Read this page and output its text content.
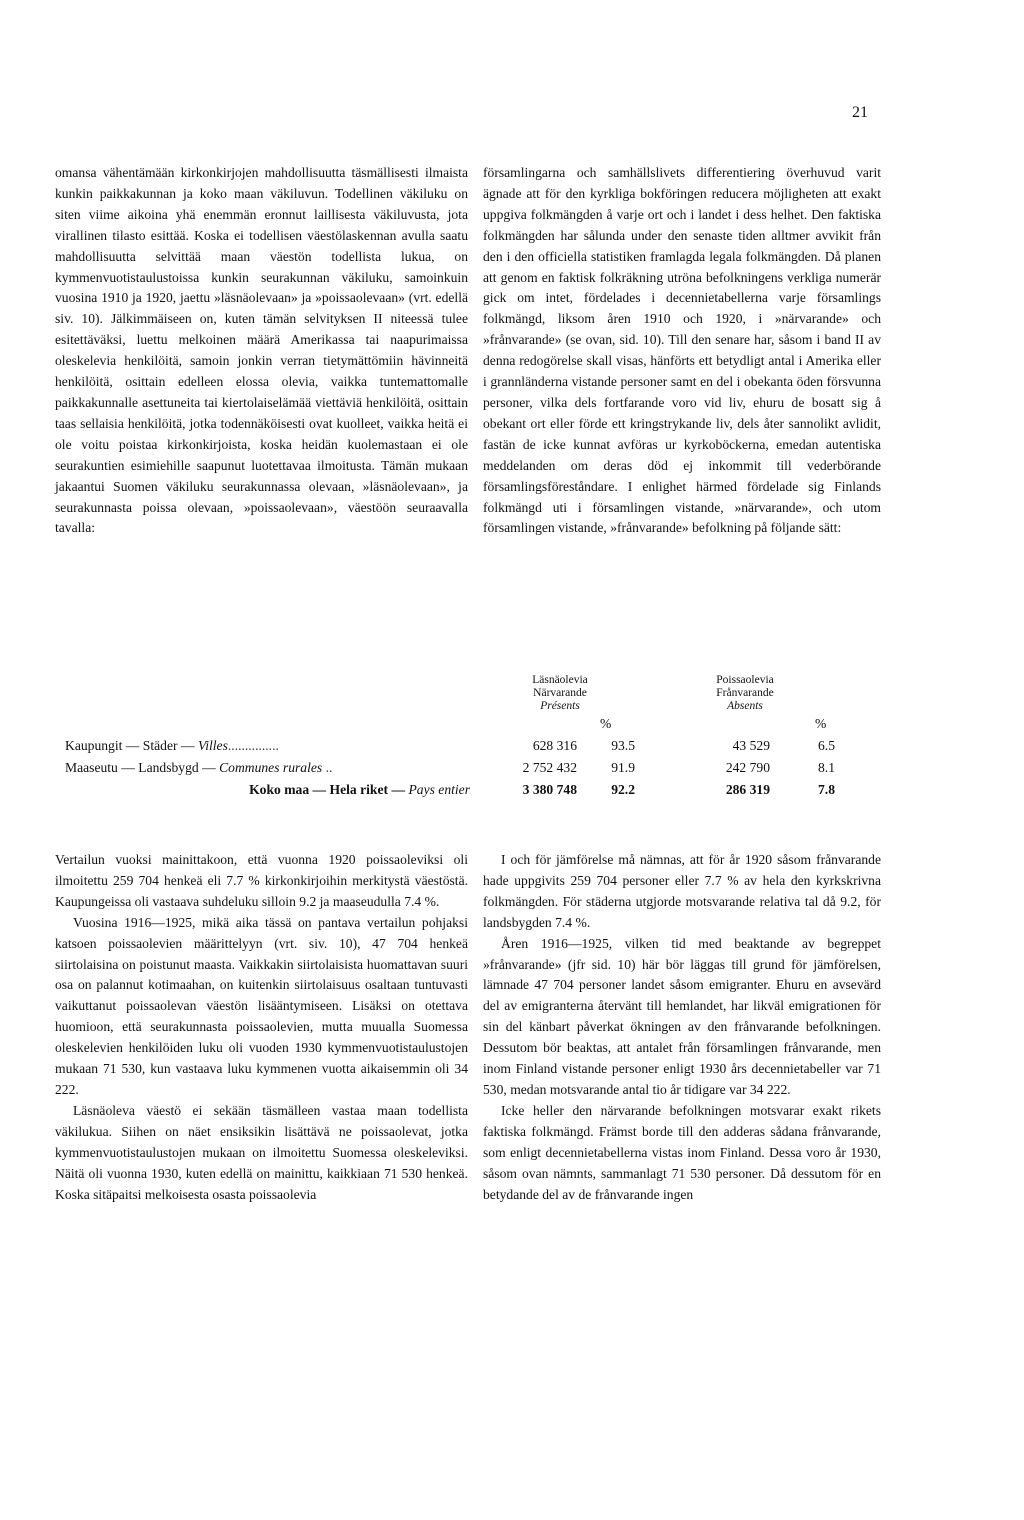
21

omansa vähentämään kirkonkirjojen mahdollisuutta täsmällisesti ilmaista kunkin paikkakunnan ja koko maan väkiluvun. Todellinen väkiluku on siten viime aikoina yhä enemmän eronnut laillisesta väkiluvusta, jota virallinen tilasto esittää. Koska ei todellisen väestölaskennan avulla saatu mahdollisuutta selvittää maan väestön todellista lukua, on kymmenvuotistaulustoissa kunkin seurakunnan väkiluku, samoinkuin vuosina 1910 ja 1920, jaettu »läsnäolevaan» ja »poissaolevaan» (vrt. edellä siv. 10). Jälkimmäiseen on, kuten tämän selvityksen II niteessä tulee esitettäväksi, luettu melkoinen määrä Amerikassa tai naapurimaissa oleskelevia henkilöitä, samoin jonkin verran tietymättömiin hävinneitä henkilöitä, osittain edelleen elossa olevia, vaikka tuntemattomalle paikkakunnalle asettuneita tai kiertolaiselämää viettäviä henkilöitä, osittain taas sellaisia henkilöitä, jotka todennäköisesti ovat kuolleet, vaikka heitä ei ole voitu poistaa kirkonkirjoista, koska heidän kuolemastaan ei ole seurakuntien esimiehille saapunut luotettavaa ilmoitusta. Tämän mukaan jakaantui Suomen väkiluku seurakunnassa olevaan, »läsnäolevaan», ja seurakunnasta poissa olevaan, »poissaolevaan», väestöön seuraavalla tavalla:

församlingarna och samhällslivets differentiering överhuvud varit ägnade att för den kyrkliga bokföringen reducera möjligheten att exakt uppgiva folkmängden å varje ort och i landet i dess helhet. Den faktiska folkmängden har sålunda under den senaste tiden alltmer avvikit från den i den officiella statistiken framlagda legala folkmängden. Då planen att genom en faktisk folkräkning utröna befolkningens verkliga numerär gick om intet, fördelades i decennietabellerna varje församlings folkmängd, liksom åren 1910 och 1920, i »närvarande» och »frånvarande» (se ovan, sid. 10). Till den senare har, såsom i band II av denna redogörelse skall visas, hänförts ett betydligt antal i Amerika eller i grannländerna vistande personer samt en del i obekanta öden försvunna personer, vilka dels fortfarande voro vid liv, ehuru de bosatt sig å obekant ort eller förde ett kringstrykande liv, dels åter sannolikt avlidit, fastän de icke kunnat avföras ur kyrkoböckerna, emedan autentiska meddelanden om deras död ej inkommit till vederbörande församlingsföreståndare. I enlighet härmed fördelade sig Finlands folkmängd uti i församlingen vistande, »närvarande», och utom församlingen vistande, »frånvarande» befolkning på följande sätt:

Läsnäolevia
Närvarande
Présents
Poissaolevia
Frånvarande
Absents
%	%
Kaupungit — Städer — Villes...............	628 316	93.5	43 529	6.5
Maaseutu — Landsbygd — Communes rurales ..	2 752 432	91.9	242 790	8.1
Koko maa — Hela riket — Pays entier	3 380 748	92.2	286 319	7.8

Vertailun vuoksi mainittakoon, että vuonna 1920 poissaoleviksi oli ilmoitettu 259 704 henkeä eli 7.7 % kirkonkirjoihin merkitystä väestöstä. Kaupungeissa oli vastaava suhdeluku silloin 9.2 ja maaseudulla 7.4 %.

Vuosina 1916—1925, mikä aika tässä on pantava vertailun pohjaksi katsoen poissaolevien määrittelyyn (vrt. siv. 10), 47 704 henkeä siirtolaisina on poistunut maasta. Vaikkakin siirtolaisista huomattavan suuri osa on palannut kotimaahan, on kuitenkin siirtolaisuus osaltaan tuntuvasti vaikuttanut poissaolevan väestön lisääntymiseen. Lisäksi on otettava huomioon, että seurakunnasta poissaolevien, mutta muualla Suomessa oleskelevien henkilöiden luku oli vuoden 1930 kymmenvuotistaulustojen mukaan 71 530, kun vastaava luku kymmenen vuotta aikaisemmin oli 34 222.

Läsnäoleva väestö ei sekään täsmälleen vastaa maan todellista väkilukua. Siihen on näet ensiksikin lisättävä ne poissaolevat, jotka kymmenvuotistaulustojen mukaan on ilmoitettu Suomessa oleskeleviksi. Näitä oli vuonna 1930, kuten edellä on mainittu, kaikkiaan 71 530 henkeä. Koska sitäpaitsi melkoisesta osasta poissaolevia

I och för jämförelse må nämnas, att för år 1920 såsom frånvarande hade uppgivits 259 704 personer eller 7.7 % av hela den kyrkskrivna folkmängden. För städerna utgjorde motsvarande relativa tal då 9.2, för landsbygden 7.4 %.

Åren 1916—1925, vilken tid med beaktande av begreppet »frånvarande» (jfr sid. 10) här bör läggas till grund för jämförelsen, lämnade 47 704 personer landet såsom emigranter. Ehuru en avsevärd del av emigranterna återvänt till hemlandet, har likväl emigrationen för sin del känbart påverkat ökningen av den frånvarande befolkningen. Dessutom bör beaktas, att antalet från församlingen frånvarande, men inom Finland vistande personer enligt 1930 års decennietabeller var 71 530, medan motsvarande antal tio år tidigare var 34 222.

Icke heller den närvarande befolkningen motsvarar exakt rikets faktiska folkmängd. Främst borde till den adderas sådana frånvarande, som enligt decennietabellerna vistas inom Finland. Dessa voro år 1930, såsom ovan nämnts, sammanlagt 71 530 personer. Då dessutom för en betydande del av de frånvarande ingen
